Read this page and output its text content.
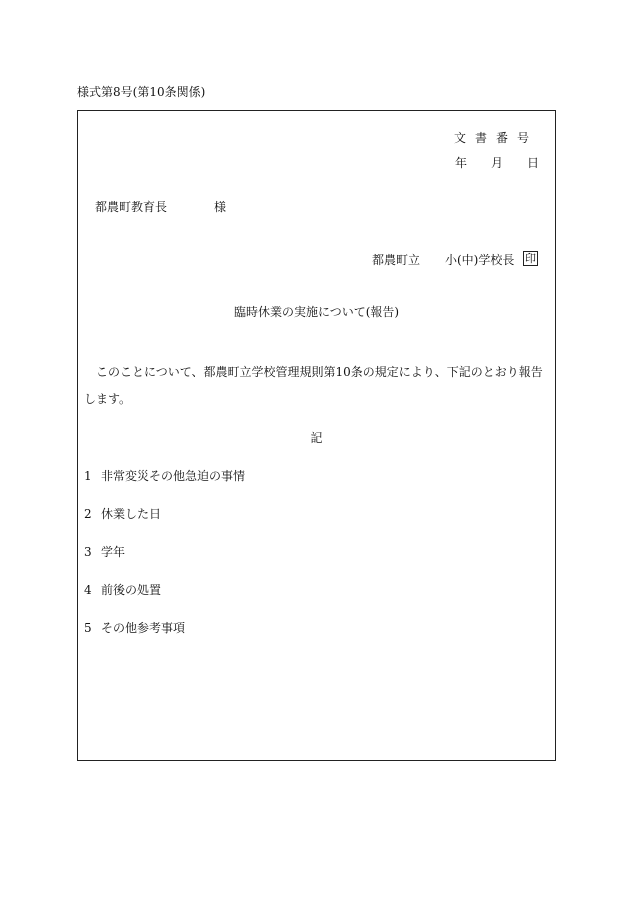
様式第8号(第10条関係)
文書番号
年 月 日
都農町教育長	様
都農町立 小(中)学校長 印
臨時休業の実施について(報告)
このことについて、都農町立学校管理規則第10条の規定により、下記のとおり報告します。
記
1 非常変災その他急迫の事情
2 休業した日
3 学年
4 前後の処置
5 その他参考事項
